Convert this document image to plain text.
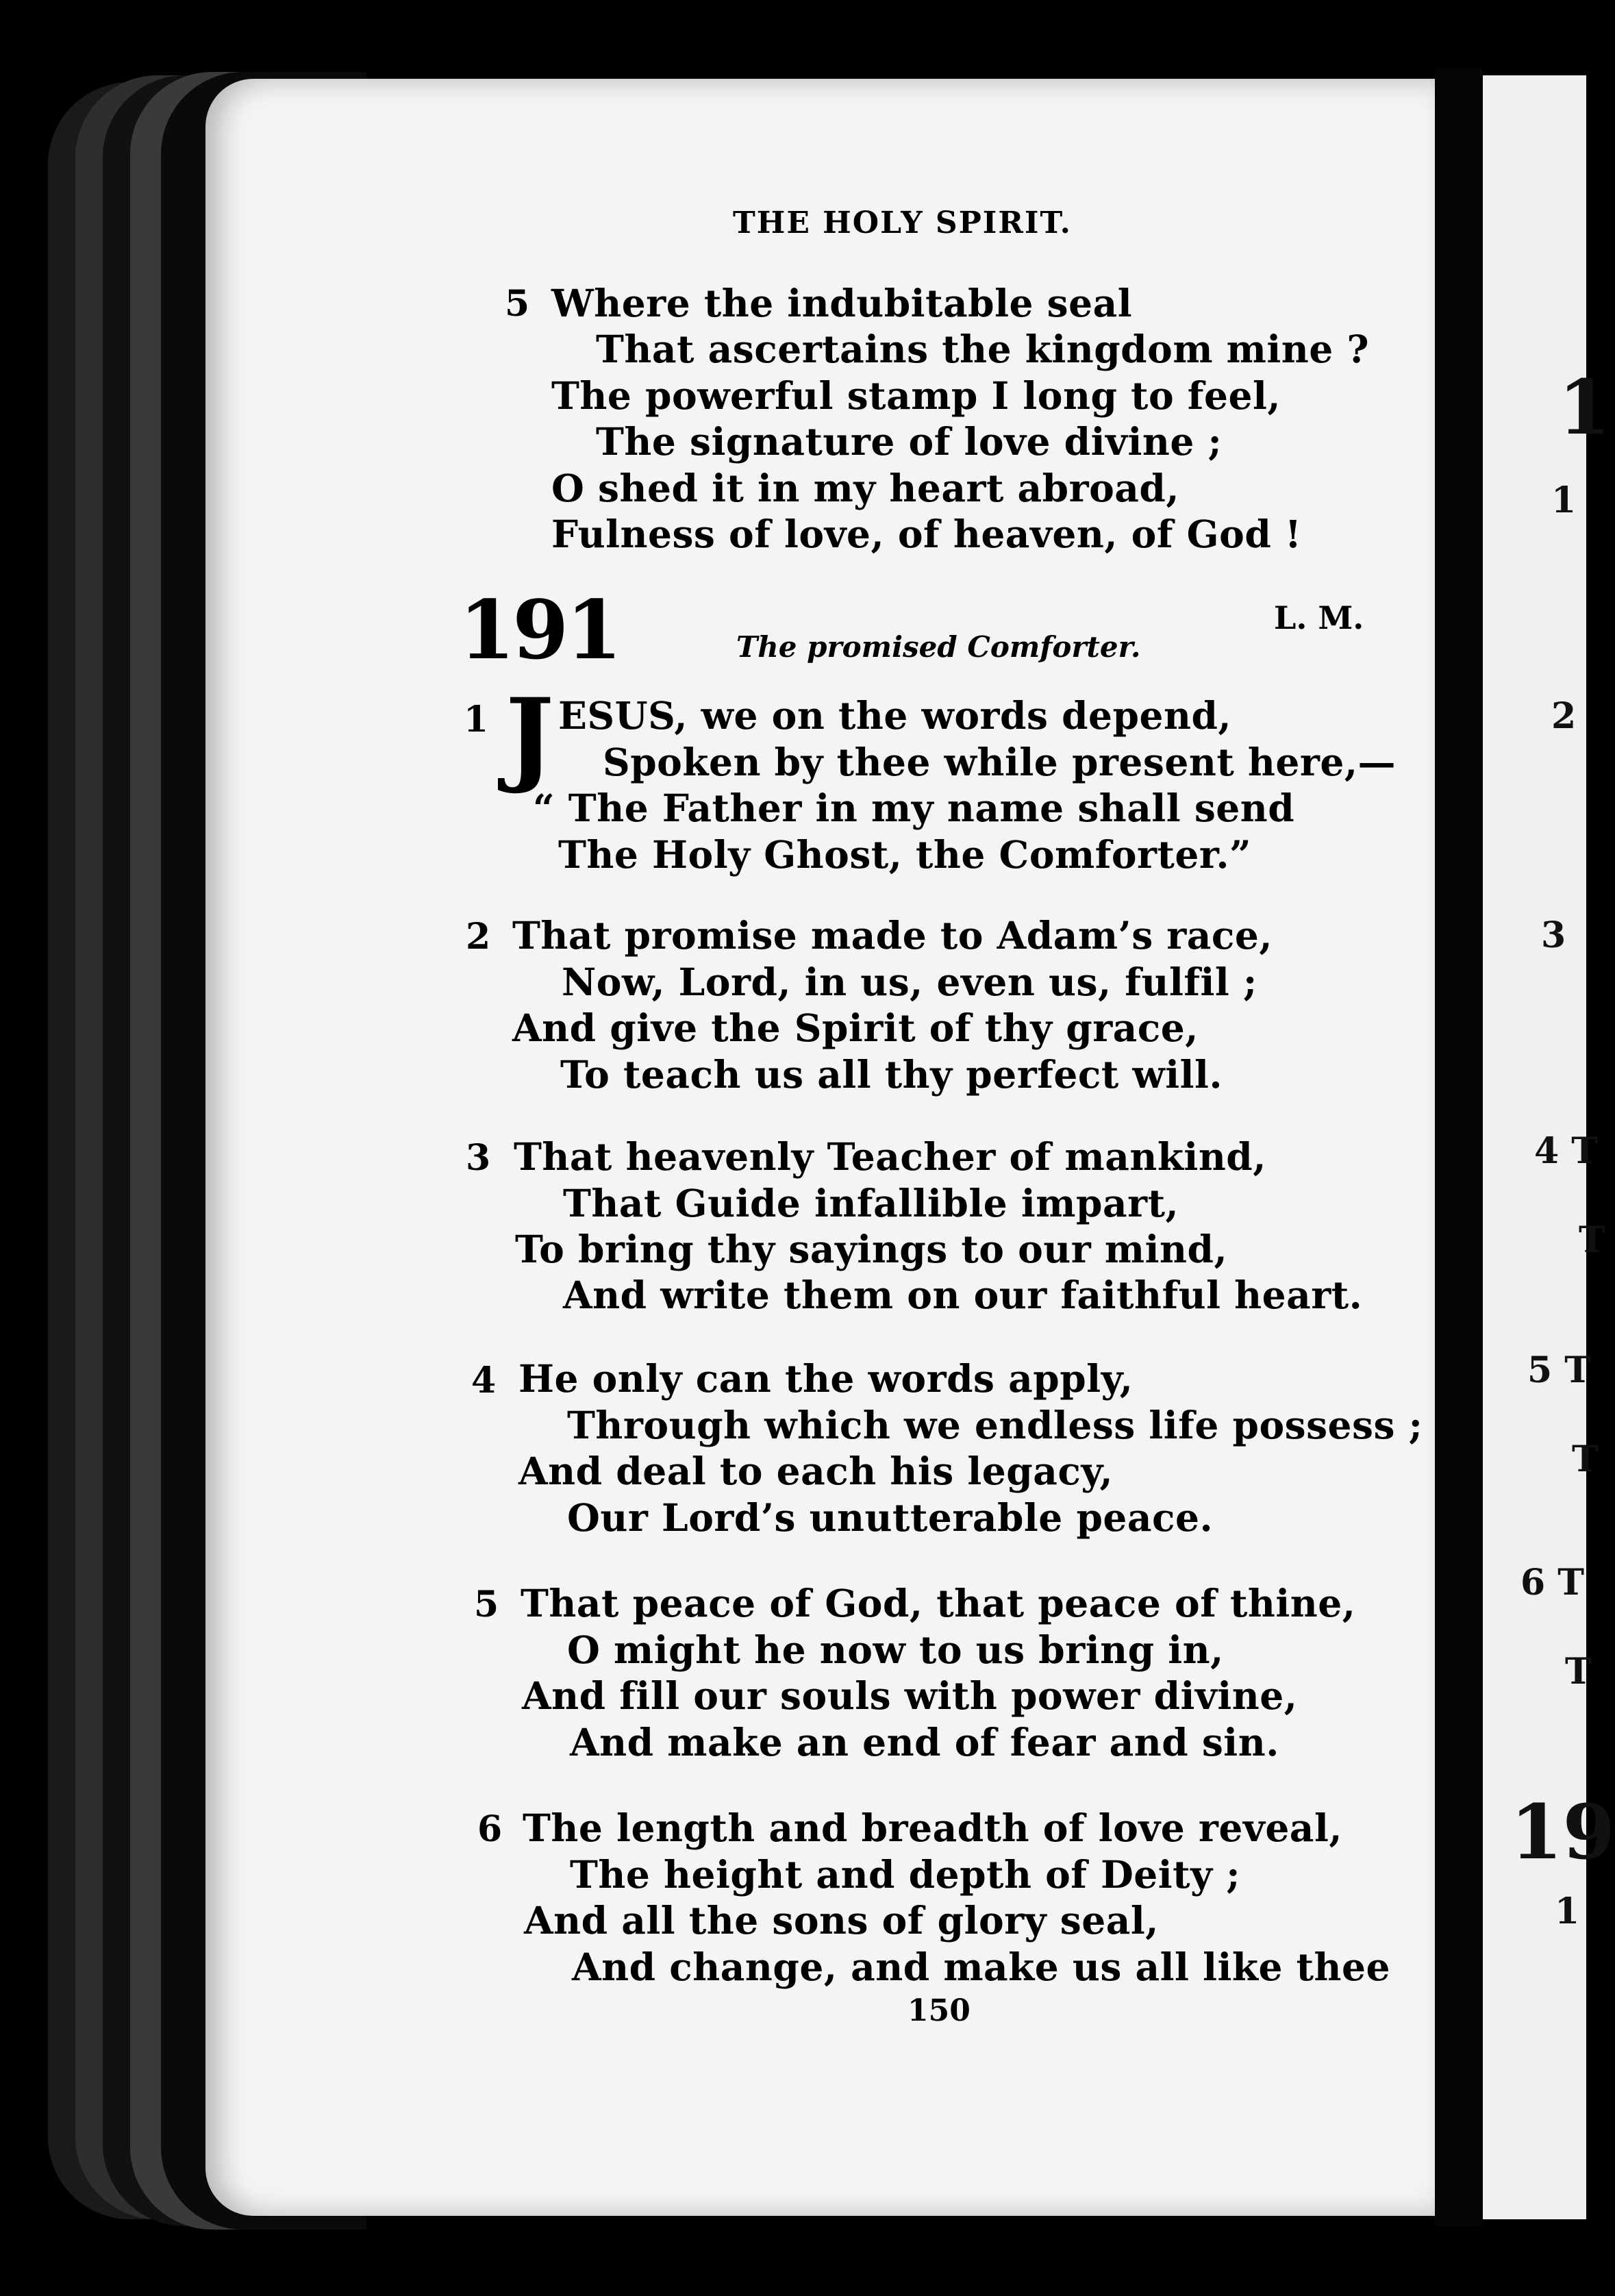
1
1
2
3
4 T
T
5 T
T
6 T
T
19
1
THE HOLY SPIRIT.
5 Where the indubitable seal
That ascertains the kingdom mine ?
The powerful stamp I long to feel,
The signature of love divine ;
O shed it in my heart abroad,
Fulness of love, of heaven, of God !
191	L. M.
The promised Comforter.
1 J ESUS, we on the words depend,
Spoken by thee while present here,—
“ The Father in my name shall send
The Holy Ghost, the Comforter.”
2 That promise made to Adam’s race,
Now, Lord, in us, even us, fulfil ;
And give the Spirit of thy grace,
To teach us all thy perfect will.
3 That heavenly Teacher of mankind,
That Guide infallible impart,
To bring thy sayings to our mind,
And write them on our faithful heart.
4 He only can the words apply,
Through which we endless life possess ;
And deal to each his legacy,
Our Lord’s unutterable peace.
5 That peace of God, that peace of thine,
O might he now to us bring in,
And fill our souls with power divine,
And make an end of fear and sin.
6 The length and breadth of love reveal,
The height and depth of Deity ;
And all the sons of glory seal,
And change, and make us all like thee
150
